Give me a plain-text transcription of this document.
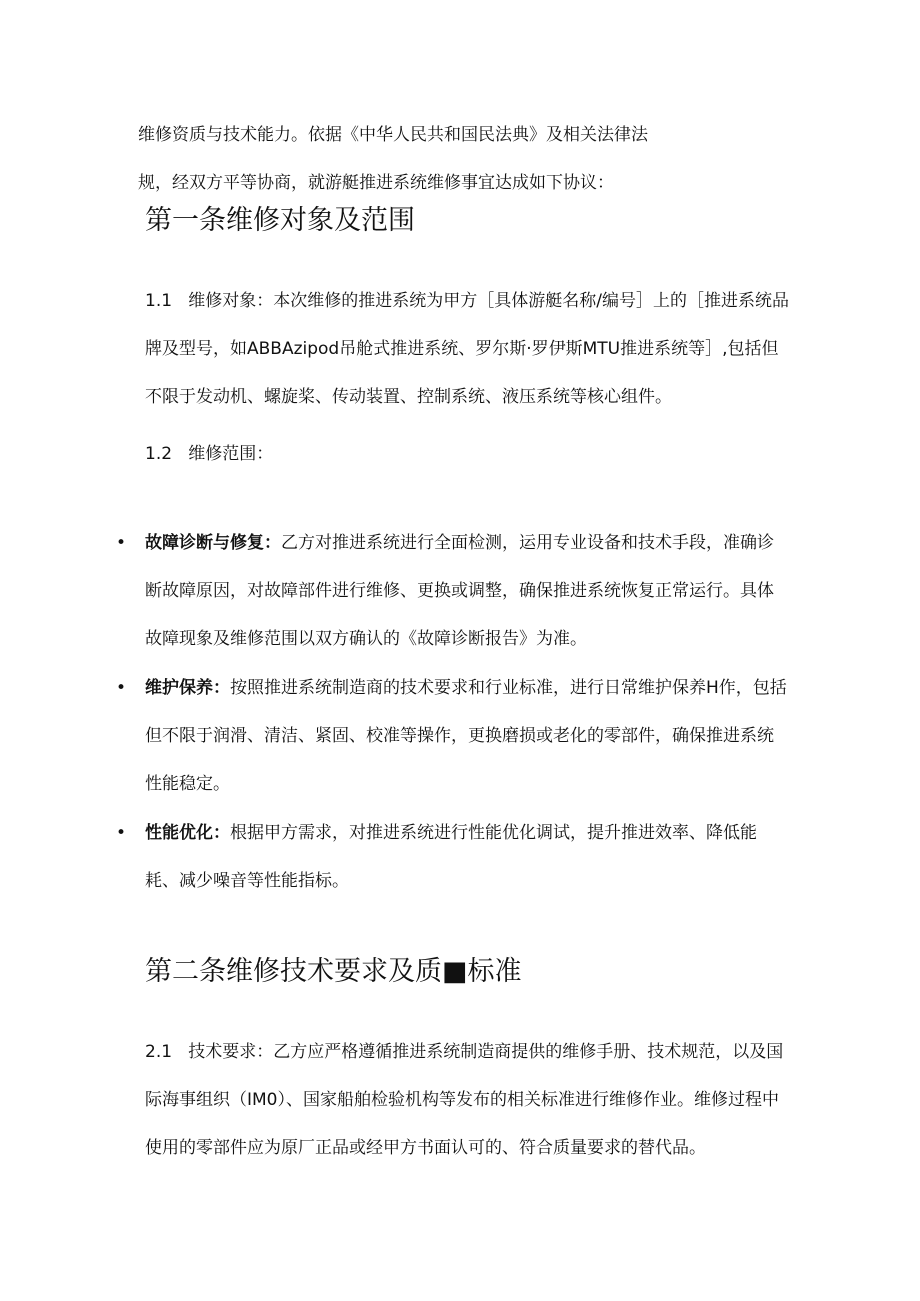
维修资质与技术能力。依据《中华人民共和国民法典》及相关法律法
规，经双方平等协商，就游艇推进系统维修事宜达成如下协议：
第一条维修对象及范围
1.1 维修对象：本次维修的推进系统为甲方［具体游艇名称/编号］上的［推进系统品
牌及型号，如ABBAzipod吊舱式推进系统、罗尔斯·罗伊斯MTU推进系统等］,包括但
不限于发动机、螺旋桨、传动装置、控制系统、液压系统等核心组件。
1.2 维修范围：
• 故障诊断与修复：乙方对推进系统进行全面检测，运用专业设备和技术手段，准确诊
断故障原因，对故障部件进行维修、更换或调整，确保推进系统恢复正常运行。具体
故障现象及维修范围以双方确认的《故障诊断报告》为准。
• 维护保养：按照推进系统制造商的技术要求和行业标准，进行日常维护保养H作，包括
但不限于润滑、清洁、紧固、校准等操作，更换磨损或老化的零部件，确保推进系统
性能稳定。
• 性能优化：根据甲方需求，对推进系统进行性能优化调试，提升推进效率、降低能
耗、减少噪音等性能指标。
第二条维修技术要求及质■标准
2.1 技术要求：乙方应严格遵循推进系统制造商提供的维修手册、技术规范，以及国
际海事组织（IM0）、国家船舶检验机构等发布的相关标准进行维修作业。维修过程中
使用的零部件应为原厂正品或经甲方书面认可的、符合质量要求的替代品。
